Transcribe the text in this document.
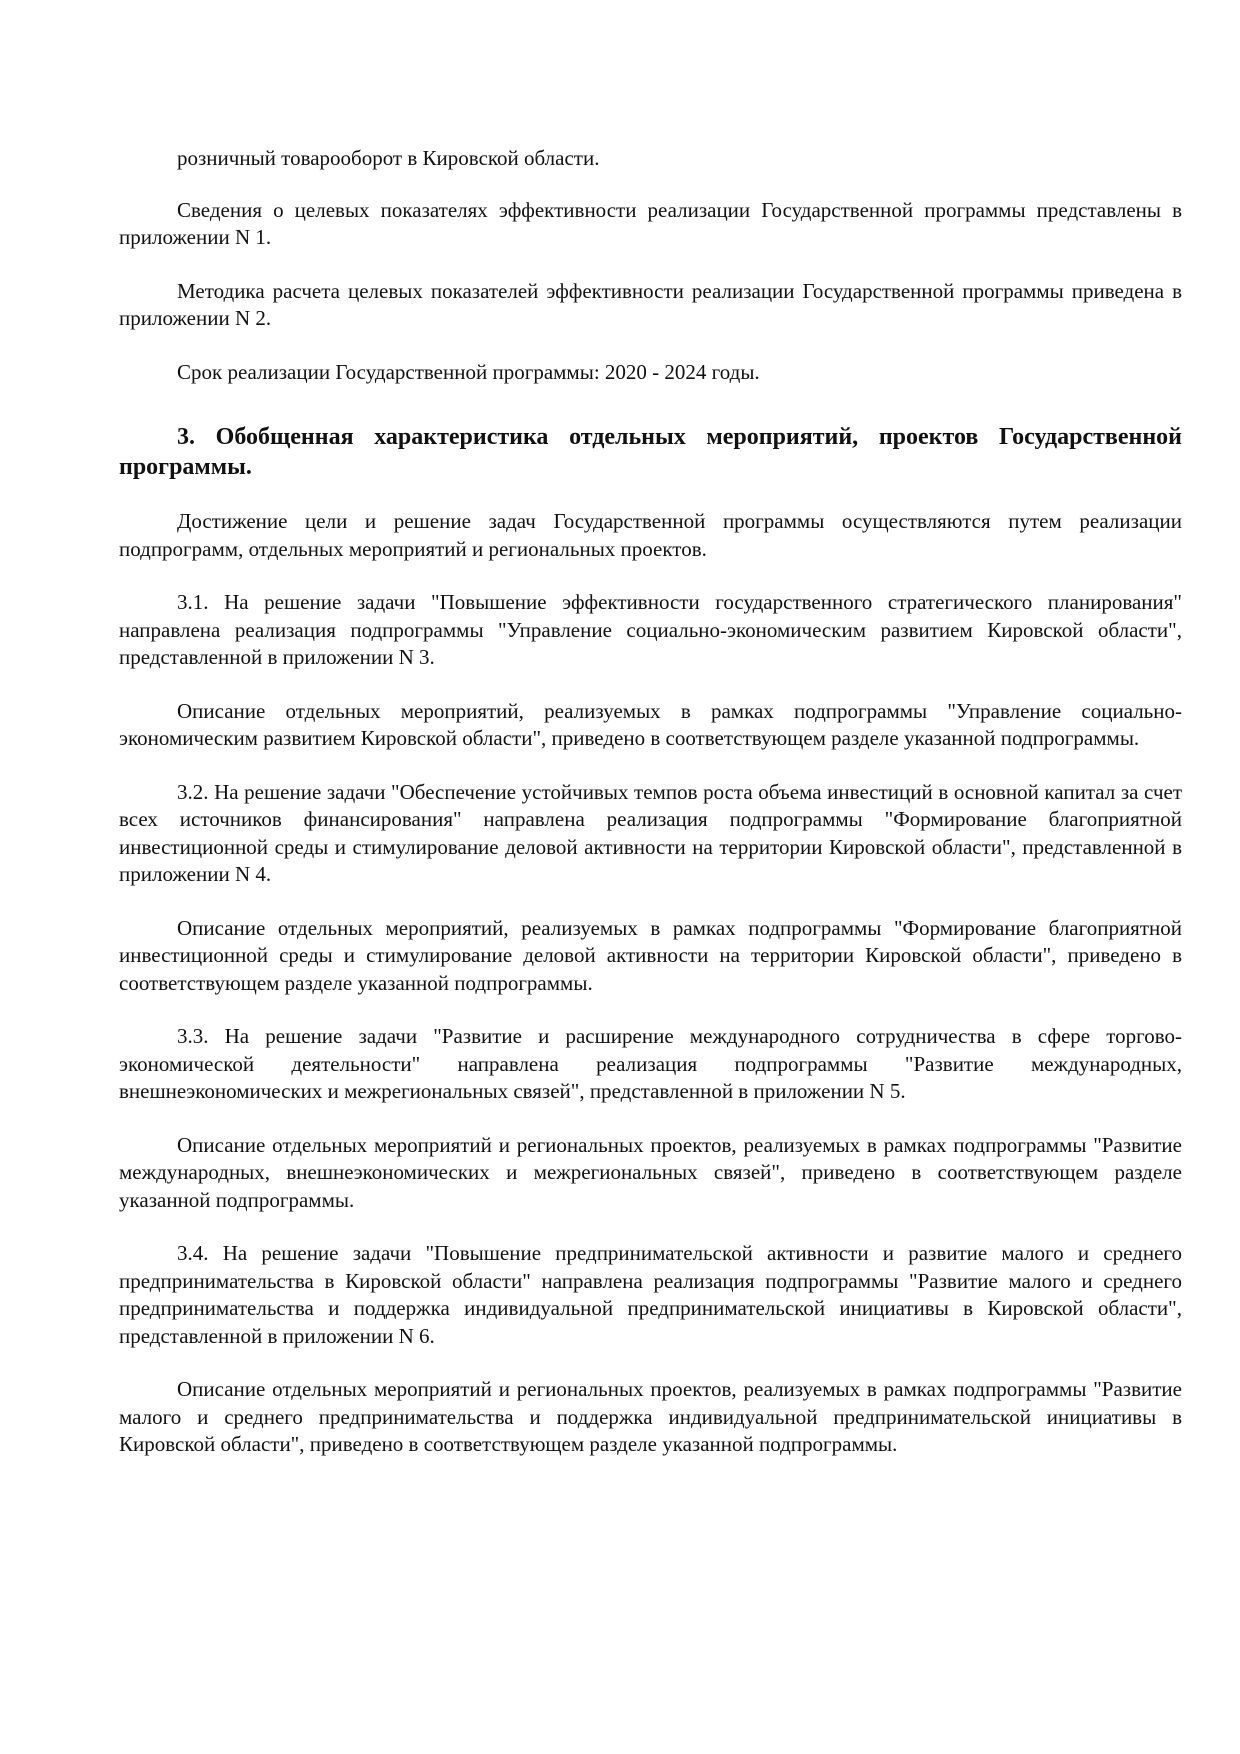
розничный товарооборот в Кировской области.

Сведения о целевых показателях эффективности реализации Государственной программы представлены в приложении N 1.

Методика расчета целевых показателей эффективности реализации Государственной программы приведена в приложении N 2.

Срок реализации Государственной программы: 2020 - 2024 годы.

3. Обобщенная характеристика отдельных мероприятий, проектов Государственной программы.

Достижение цели и решение задач Государственной программы осуществляются путем реализации подпрограмм, отдельных мероприятий и региональных проектов.

3.1. На решение задачи "Повышение эффективности государственного стратегического планирования" направлена реализация подпрограммы "Управление социально-экономическим развитием Кировской области", представленной в приложении N 3.

Описание отдельных мероприятий, реализуемых в рамках подпрограммы "Управление социально-экономическим развитием Кировской области", приведено в соответствующем разделе указанной подпрограммы.

3.2. На решение задачи "Обеспечение устойчивых темпов роста объема инвестиций в основной капитал за счет всех источников финансирования" направлена реализация подпрограммы "Формирование благоприятной инвестиционной среды и стимулирование деловой активности на территории Кировской области", представленной в приложении N 4.

Описание отдельных мероприятий, реализуемых в рамках подпрограммы "Формирование благоприятной инвестиционной среды и стимулирование деловой активности на территории Кировской области", приведено в соответствующем разделе указанной подпрограммы.

3.3. На решение задачи "Развитие и расширение международного сотрудничества в сфере торгово-экономической деятельности" направлена реализация подпрограммы "Развитие международных, внешнеэкономических и межрегиональных связей", представленной в приложении N 5.

Описание отдельных мероприятий и региональных проектов, реализуемых в рамках подпрограммы "Развитие международных, внешнеэкономических и межрегиональных связей", приведено в соответствующем разделе указанной подпрограммы.

3.4. На решение задачи "Повышение предпринимательской активности и развитие малого и среднего предпринимательства в Кировской области" направлена реализация подпрограммы "Развитие малого и среднего предпринимательства и поддержка индивидуальной предпринимательской инициативы в Кировской области", представленной в приложении N 6.

Описание отдельных мероприятий и региональных проектов, реализуемых в рамках подпрограммы "Развитие малого и среднего предпринимательства и поддержка индивидуальной предпринимательской инициативы в Кировской области", приведено в соответствующем разделе указанной подпрограммы.
